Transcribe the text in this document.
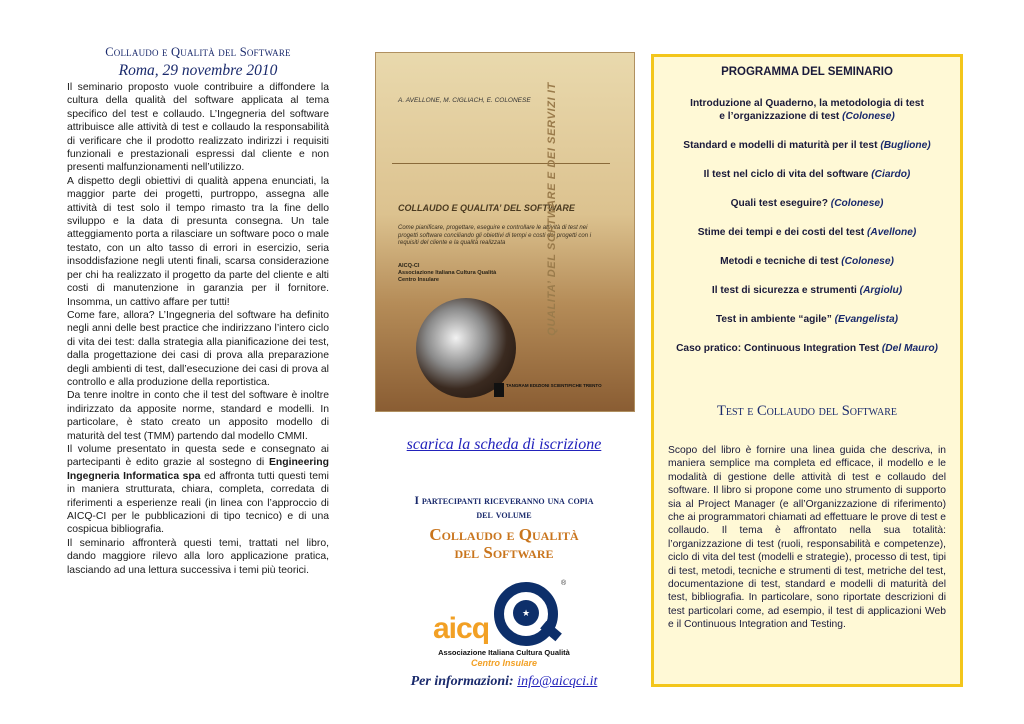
Collaudo e Qualità del Software
Roma, 29 novembre 2010

Il seminario proposto vuole contribuire a diffondere la cultura della qualità del software applicata al tema specifico del test e collaudo. L’Ingegneria del software attribuisce alle attività di test e collaudo la responsabilità di verificare che il prodotto realizzato indirizzi i requisiti funzionali e prestazionali espressi dal cliente e non presenti malfunzionamenti nell’utilizzo.

A dispetto degli obiettivi di qualità appena enunciati, la maggior parte dei progetti, purtroppo, assegna alle attività di test solo il tempo rimasto tra la fine dello sviluppo e la data di presunta consegna. Un tale atteggiamento porta a rilasciare un software poco o male testato, con un alto tasso di errori in esercizio, seria insoddisfazione negli utenti finali, scarsa considerazione per chi ha realizzato il progetto da parte del cliente e alti costi di manutenzione in garanzia per il fornitore. Insomma, un cattivo affare per tutti!

Come fare, allora? L’Ingegneria del software ha definito negli anni delle best practice che indirizzano l’intero ciclo di vita dei test: dalla strategia alla pianificazione dei test, dalla progettazione dei casi di prova alla preparazione degli ambienti di test, dall’esecuzione dei casi di prova al controllo e alla produzione della reportistica.

Da tenre inoltre in conto che il test del software è inoltre indirizzato da apposite norme, standard e modelli. In particolare, è stato creato un apposito modello di maturità del test (TMM) partendo dal modello CMMI.

Il volume presentato in questa sede e consegnato ai partecipanti è edito grazie al sostegno di Engineering Ingegneria Informatica spa ed affronta tutti questi temi in maniera strutturata, chiara, completa, corredata di riferimenti a esperienze reali (in linea con l’approccio di AICQ-CI per le pubblicazioni di tipo tecnico) e di una cospicua bibliografia.

Il seminario affronterà questi temi, trattati nel libro, dando maggiore rilevo alla loro applicazione pratica, lasciando ad una lettura successiva i temi più teorici.

A. AVELLONE, M. CIGLIACH, E. COLONESE
COLLAUDO E QUALITA’ DEL SOFTWARE
Come pianificare, progettare, eseguire e controllare le attività di test nei progetti software conciliando gli obiettivi di tempi e costi dei progetti con i requisiti del cliente e la qualità realizzata
AICQ-CI
Associazione Italiana Cultura Qualità
Centro Insulare	QUALITA’ DEL SOFTWARE E DEI SERVIZI IT
TANGRAM EDIZIONI SCIENTIFICHE TRENTO
scarica la scheda di iscrizione
I partecipanti riceveranno una copia
del volume
Collaudo e Qualità
del Software
aicq	★
®
Associazione Italiana Cultura Qualità
Centro Insulare
Per informazioni: info@aicqci.it
PROGRAMMA DEL SEMINARIO
Introduzione al Quaderno, la metodologia di test
e l’organizzazione di test (Colonese)
Standard e modelli di maturità per il test (Buglione)
Il test nel ciclo di vita del software (Ciardo)
Quali test eseguire? (Colonese)
Stime dei tempi e dei costi del test (Avellone)
Metodi e tecniche di test (Colonese)
Il test di sicurezza e strumenti (Argiolu)
Test in ambiente “agile” (Evangelista)
Caso pratico: Continuous Integration Test (Del Mauro)
Test e Collaudo del Software
Scopo del libro è fornire una linea guida che descriva, in maniera semplice ma completa ed efficace, il modello e le modalità di gestione delle attività di test e collaudo del software. Il libro si propone come uno strumento di supporto sia al Project Manager (e all’Organizzazione di riferimento) che ai programmatori chiamati ad effettuare le prove di test e collaudo. Il tema è affrontato nella sua totalità: l’organizzazione di test (ruoli, responsabilità e competenze), ciclo di vita del test (modelli e strategie), processo di test, tipi di test, metodi, tecniche e strumenti di test, metriche del test, documentazione di test, standard e modelli di maturità del test, bibliografia. In particolare, sono riportate descrizioni di test particolari come, ad esempio, il test di applicazioni Web e il Continuous Integration and Testing.
